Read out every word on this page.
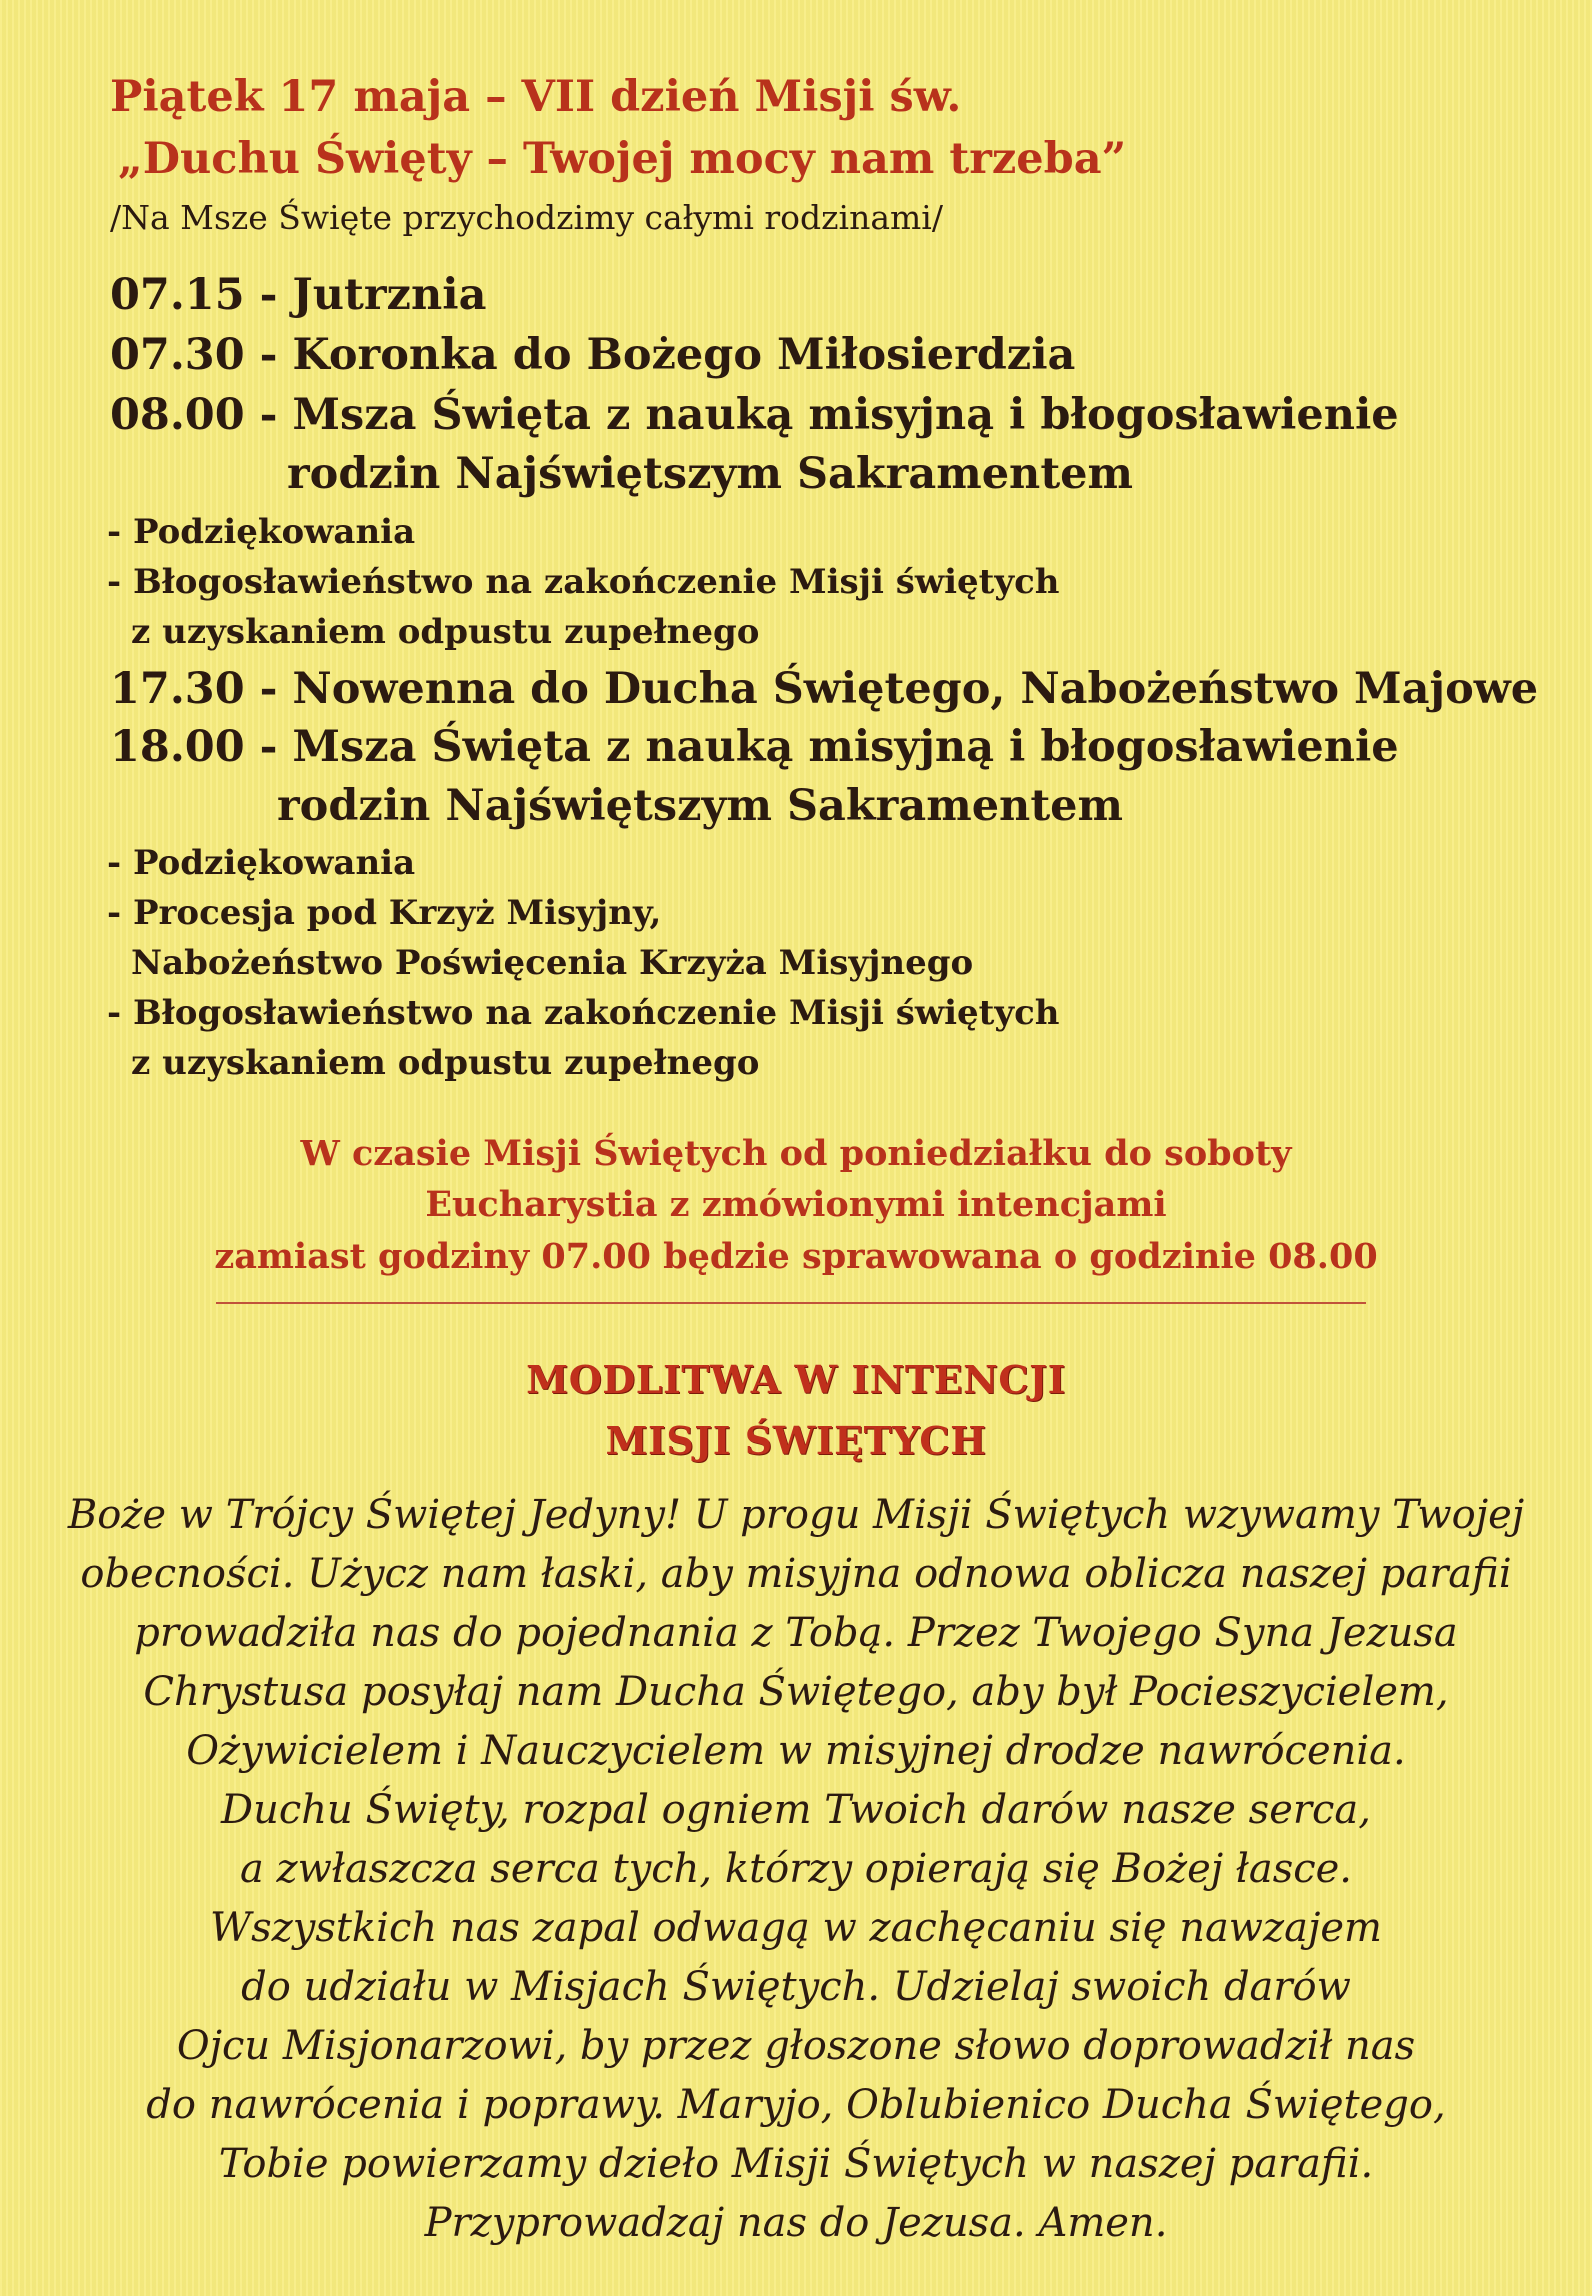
Piątek 17 maja – VII dzień Misji św.
„Duchu Święty – Twojej mocy nam trzeba”
/Na Msze Święte przychodzimy całymi rodzinami/
07.15 - Jutrznia
07.30 - Koronka do Bożego Miłosierdzia
08.00 - Msza Święta z nauką misyjną i błogosławienie
rodzin Najświętszym Sakramentem
- Podziękowania
- Błogosławieństwo na zakończenie Misji świętych
z uzyskaniem odpustu zupełnego
17.30 - Nowenna do Ducha Świętego, Nabożeństwo Majowe
18.00 - Msza Święta z nauką misyjną i błogosławienie
rodzin Najświętszym Sakramentem
- Podziękowania
- Procesja pod Krzyż Misyjny,
Nabożeństwo Poświęcenia Krzyża Misyjnego
- Błogosławieństwo na zakończenie Misji świętych
z uzyskaniem odpustu zupełnego
W czasie Misji Świętych od poniedziałku do soboty
Eucharystia z zmówionymi intencjami
zamiast godziny 07.00 będzie sprawowana o godzinie 08.00
MODLITWA W INTENCJI
MISJI ŚWIĘTYCH
Boże w Trójcy Świętej Jedyny! U progu Misji Świętych wzywamy Twojej
obecności. Użycz nam łaski, aby misyjna odnowa oblicza naszej parafii
prowadziła nas do pojednania z Tobą. Przez Twojego Syna Jezusa
Chrystusa posyłaj nam Ducha Świętego, aby był Pocieszycielem,
Ożywicielem i Nauczycielem w misyjnej drodze nawrócenia.
Duchu Święty, rozpal ogniem Twoich darów nasze serca,
a zwłaszcza serca tych, którzy opierają się Bożej łasce.
Wszystkich nas zapal odwagą w zachęcaniu się nawzajem
do udziału w Misjach Świętych. Udzielaj swoich darów
Ojcu Misjonarzowi, by przez głoszone słowo doprowadził nas
do nawrócenia i poprawy. Maryjo, Oblubienico Ducha Świętego,
Tobie powierzamy dzieło Misji Świętych w naszej parafii.
Przyprowadzaj nas do Jezusa. Amen.
